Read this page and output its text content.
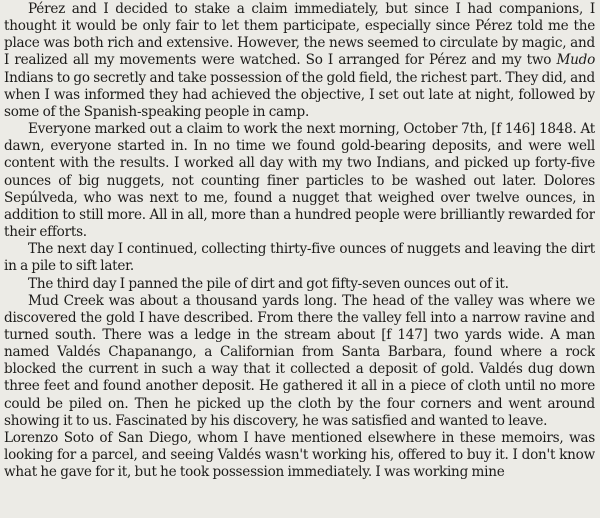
Pérez and I decided to stake a claim immediately, but since I had companions, I thought it would be only fair to let them participate, especially since Pérez told me the place was both rich and extensive. However, the news seemed to circulate by magic, and I realized all my movements were watched. So I arranged for Pérez and my two Mudo Indians to go secretly and take possession of the gold field, the richest part. They did, and when I was informed they had achieved the objective, I set out late at night, followed by some of the Spanish-speaking people in camp.

Everyone marked out a claim to work the next morning, October 7th, [f 146] 1848. At dawn, everyone started in. In no time we found gold-bearing deposits, and were well content with the results. I worked all day with my two Indians, and picked up forty-five ounces of big nuggets, not counting finer particles to be washed out later. Dolores Sepúlveda, who was next to me, found a nugget that weighed over twelve ounces, in addition to still more. All in all, more than a hundred people were brilliantly rewarded for their efforts.

The next day I continued, collecting thirty-five ounces of nuggets and leaving the dirt in a pile to sift later.

The third day I panned the pile of dirt and got fifty-seven ounces out of it.

Mud Creek was about a thousand yards long. The head of the valley was where we discovered the gold I have described. From there the valley fell into a narrow ravine and turned south. There was a ledge in the stream about [f 147] two yards wide. A man named Valdés Chapanango, a Californian from Santa Barbara, found where a rock blocked the current in such a way that it collected a deposit of gold. Valdés dug down three feet and found another deposit. He gathered it all in a piece of cloth until no more could be piled on. Then he picked up the cloth by the four corners and went around showing it to us. Fascinated by his discovery, he was satisfied and wanted to leave.

Lorenzo Soto of San Diego, whom I have mentioned elsewhere in these memoirs, was looking for a parcel, and seeing Valdés wasn't working his, offered to buy it. I don't know what he gave for it, but he took possession immediately. I was working mine
